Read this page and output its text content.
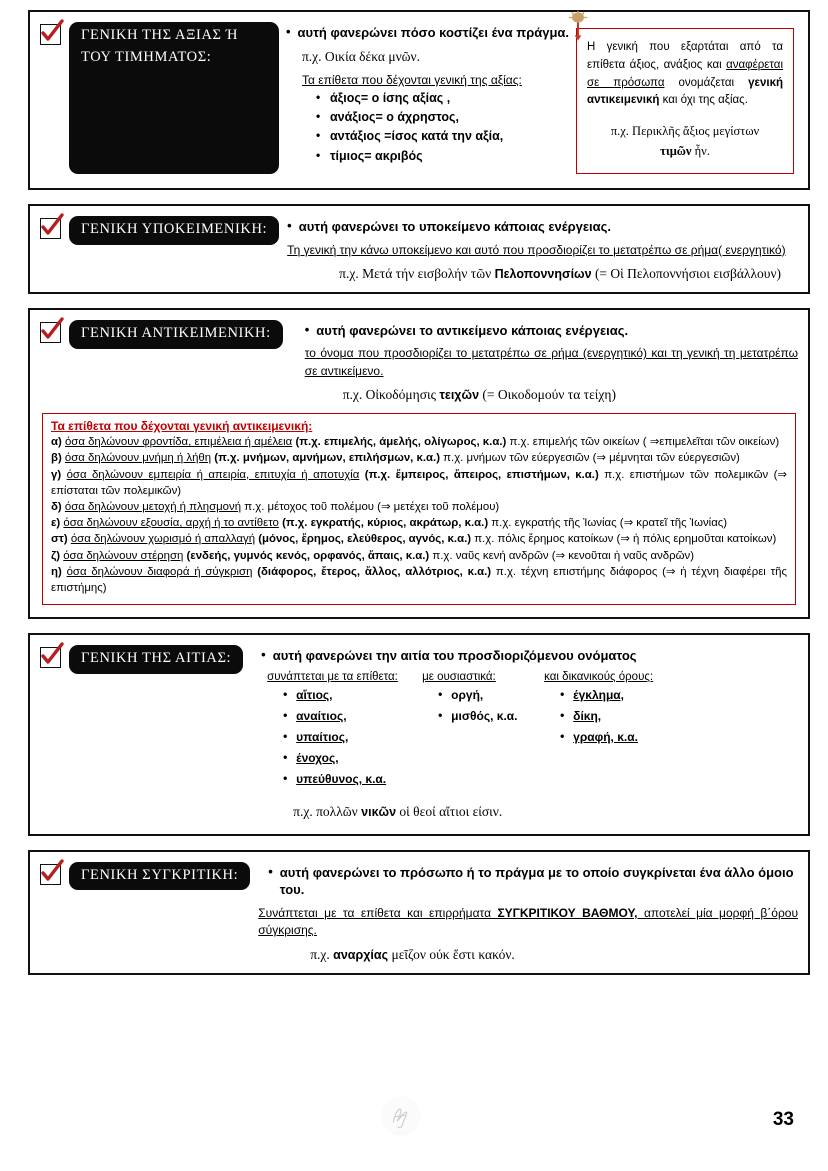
ΓΕΝΙΚΗ ΤΗΣ ΑΞΙΑΣ Ή ΤΟΥ ΤΙΜΗΜΑΤΟΣ:
• αυτή φανερώνει πόσο κοστίζει ένα πράγμα.
π.χ. Οικία δέκα μνῶν.
Τα επίθετα που δέχονται γενική της αξίας:
• άξιος= ο ίσης αξίας ,
• ανάξιος= ο άχρηστος,
• αντάξιος =ίσος κατά την αξία,
• τίμιος= ακριβός

Η γενική που εξαρτάται από τα επίθετα άξιος, ανάξιος και αναφέρεται σε πρόσωπα ονομάζεται γενική αντικειμενική και όχι της αξίας.

π.χ. Περικλῆς ἄξιος μεγίστων

τιμῶν ἦν.

ΓΕΝΙΚΗ ΥΠΟΚΕΙΜΕΝΙΚΗ:	• αυτή φανερώνει το υποκείμενο κάποιας ενέργειας.
Τη γενική την κάνω υποκείμενο και αυτό που προσδιορίζει το μετατρέπω σε ρήμα( ενεργητικό)
π.χ. Μετά τήν εισβολήν τῶν Πελοποννησίων (= Οἱ Πελοποννήσιοι εισβάλλουν)
ΓΕΝΙΚΗ ΑΝΤΙΚΕΙΜΕΝΙΚΗ:	• αυτή φανερώνει το αντικείμενο κάποιας ενέργειας.
το όνομα που προσδιορίζει το μετατρέπω σε ρήμα (ενεργητικό) και τη γενική τη μετατρέπω σε αντικείμενο.
π.χ. Οἰκοδόμησις τειχῶν (= Οικοδομούν τα τείχη)
Τα επίθετα που δέχονται γενική αντικειμενική:

α) όσα δηλώνουν φροντίδα, επιμέλεια ή αμέλεια (π.χ. επιμελής, άμελής, ολίγωρος, κ.α.) π.χ. επιμελής τῶν οικείων ( ⇒επιμελεῖται τῶν οικείων)

β) όσα δηλώνουν μνήμη ή λήθη (π.χ. μνήμων, αμνήμων, επιλήσμων, κ.α.) π.χ. μνήμων τῶν εύεργεσιῶν (⇒ μέμνηται τῶν εύεργεσιῶν)

γ) όσα δηλώνουν εμπειρία ή απειρία, επιτυχία ή αποτυχία (π.χ. ἔμπειρος, ἄπειρος, επιστήμων, κ.α.) π.χ. επιστήμων τῶν πολεμικῶν (⇒ επίσταται τῶν πολεμικῶν)

δ) όσα δηλώνουν μετοχή ή πλησμονή π.χ. μέτοχος τοῦ πολέμου (⇒ μετέχει τοῦ πολέμου)

ε) όσα δηλώνουν εξουσία, αρχή ή το αντίθετο (π.χ. εγκρατής, κύριος, ακράτωρ, κ.α.) π.χ. εγκρατής τῆς Ἰωνίας (⇒ κρατεῖ τῆς Ἰωνίας)

στ) όσα δηλώνουν χωρισμό ή απαλλαγή (μόνος, ἔρημος, ελεύθερος, αγνός, κ.α.) π.χ. πόλις ἔρημος κατοίκων (⇒ ἡ πόλις ερημοῦται κατοίκων)

ζ) όσα δηλώνουν στέρηση (ενδεής, γυμνός κενός, ορφανός, ἄπαις, κ.α.) π.χ. ναῦς κενή ανδρῶν (⇒ κενοῦται ἡ ναῦς ανδρῶν)

η) όσα δηλώνουν διαφορά ή σύγκριση (διάφορος, ἔτερος, ἄλλος, αλλότριος, κ.α.) π.χ. τέχνη επιστήμης διάφορος (⇒ ἡ τέχνη διαφέρει τῆς επιστήμης)

ΓΕΝΙΚΗ ΤΗΣ ΑΙΤΙΑΣ:	• αυτή φανερώνει την αιτία του προσδιοριζόμενου ονόματος
συνάπτεται με τα επίθετα:
• αἴτιος,
• αναίτιος,
• υπαίτιος,
• ένοχος,
• υπεύθυνος, κ.α.
με ουσιαστικά:
• οργή,
• μισθός, κ.α.
και δικανικούς όρους:
• έγκλημα,
• δίκη,
• γραφή, κ.α.
π.χ. πολλῶν νικῶν οἱ θεοί αἴτιοι είσιν.
ΓΕΝΙΚΗ ΣΥΓΚΡΙΤΙΚΗ:	• αυτή φανερώνει το πρόσωπο ή το πράγμα με το οποίο συγκρίνεται ένα άλλο όμοιο του.
Συνάπτεται με τα επίθετα και επιρρήματα ΣΥΓΚΡΙΤΙΚΟΥ ΒΑΘΜΟΥ, αποτελεί μία μορφή β΄όρου σύγκρισης.
π.χ. αναρχίας μεῖζον ούκ ἔστι κακόν.
33
